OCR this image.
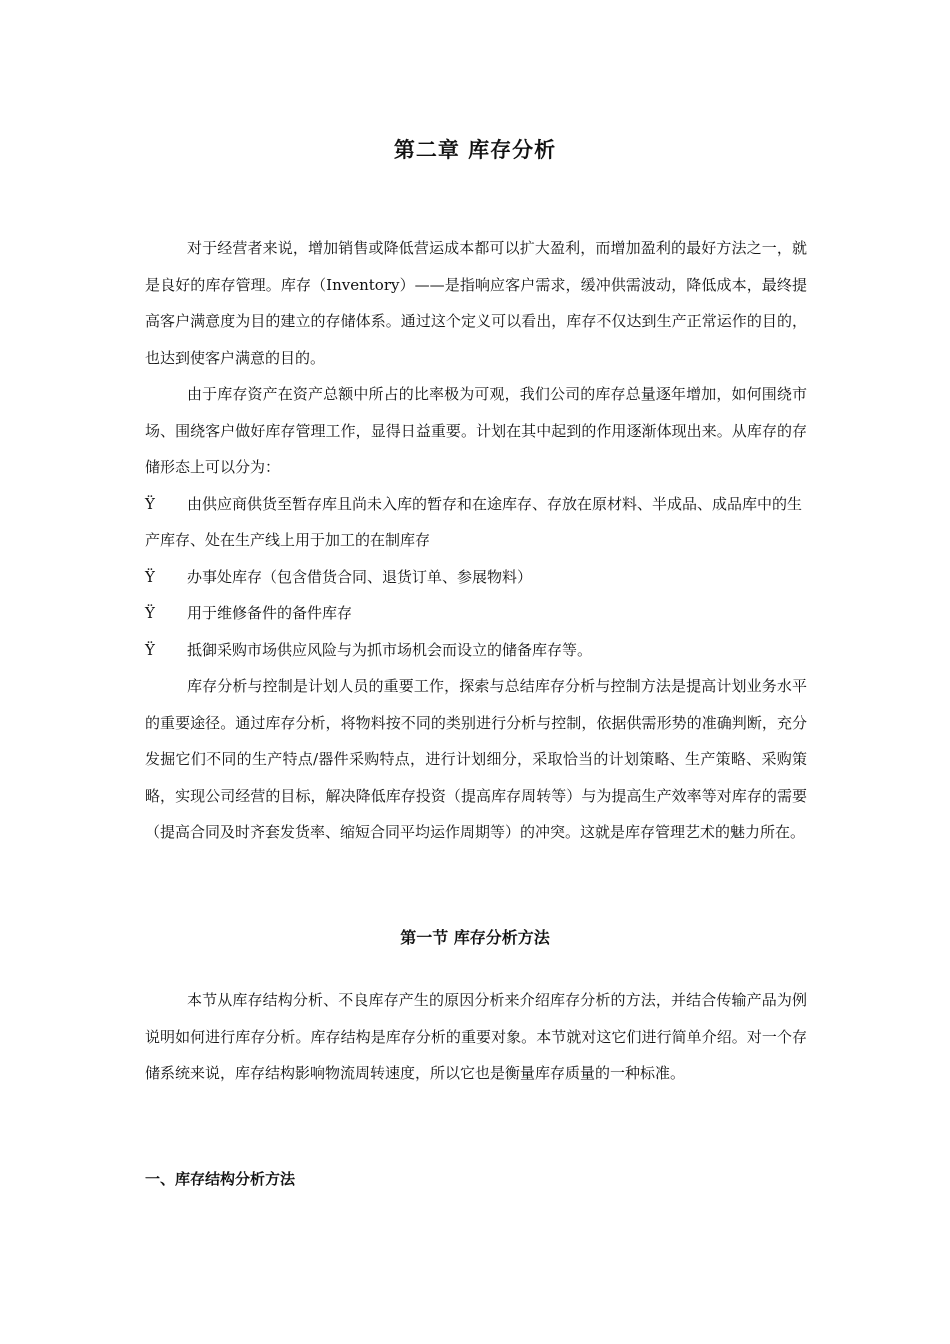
第二章 库存分析

对于经营者来说，增加销售或降低营运成本都可以扩大盈利，而增加盈利的最好方法之一，就是良好的库存管理。库存（Inventory）——是指响应客户需求，缓冲供需波动，降低成本，最终提高客户满意度为目的建立的存储体系。通过这个定义可以看出，库存不仅达到生产正常运作的目的，也达到使客户满意的目的。

由于库存资产在资产总额中所占的比率极为可观，我们公司的库存总量逐年增加，如何围绕市场、围绕客户做好库存管理工作，显得日益重要。计划在其中起到的作用逐渐体现出来。从库存的存储形态上可以分为：

Ÿ 由供应商供货至暂存库且尚未入库的暂存和在途库存、存放在原材料、半成品、成品库中的生产库存、处在生产线上用于加工的在制库存

Ÿ 办事处库存（包含借货合同、退货订单、参展物料）

Ÿ 用于维修备件的备件库存

Ÿ 抵御采购市场供应风险与为抓市场机会而设立的储备库存等。

库存分析与控制是计划人员的重要工作，探索与总结库存分析与控制方法是提高计划业务水平的重要途径。通过库存分析，将物料按不同的类别进行分析与控制，依据供需形势的准确判断，充分发掘它们不同的生产特点/器件采购特点，进行计划细分，采取恰当的计划策略、生产策略、采购策略，实现公司经营的目标，解决降低库存投资（提高库存周转等）与为提高生产效率等对库存的需要（提高合同及时齐套发货率、缩短合同平均运作周期等）的冲突。这就是库存管理艺术的魅力所在。

第一节 库存分析方法

本节从库存结构分析、不良库存产生的原因分析来介绍库存分析的方法，并结合传输产品为例说明如何进行库存分析。库存结构是库存分析的重要对象。本节就对这它们进行简单介绍。对一个存储系统来说，库存结构影响物流周转速度，所以它也是衡量库存质量的一种标准。

一、库存结构分析方法
